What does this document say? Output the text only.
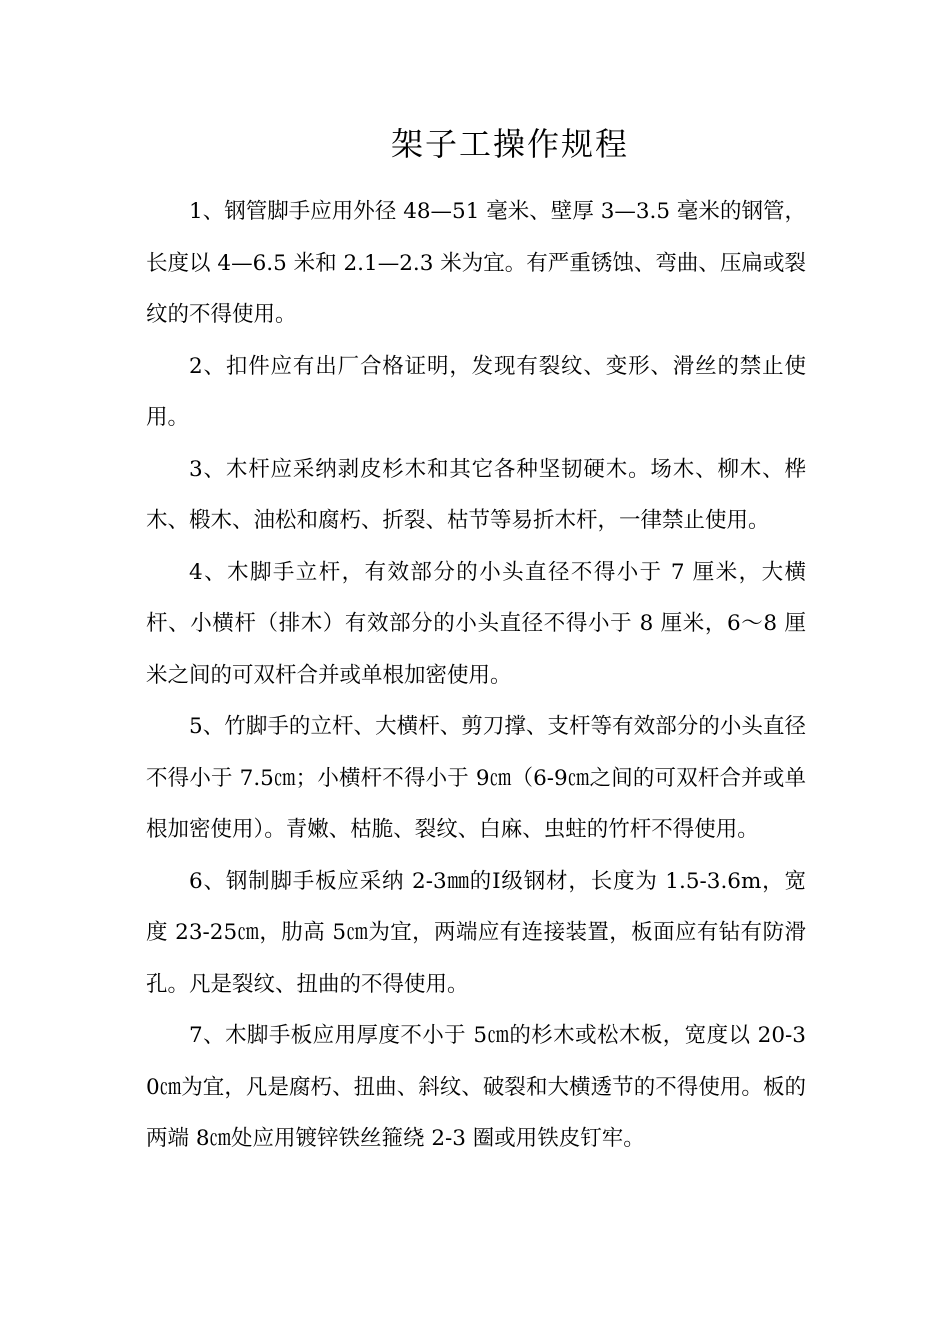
架子工操作规程

1、钢管脚手应用外径 48—51 毫米、壁厚 3—3.5 毫米的钢管，长度以 4—6.5 米和 2.1—2.3 米为宜。有严重锈蚀、弯曲、压扁或裂纹的不得使用。

2、扣件应有出厂合格证明，发现有裂纹、变形、滑丝的禁止使用。

3、木杆应采纳剥皮杉木和其它各种坚韧硬木。场木、柳木、桦木、椴木、油松和腐朽、折裂、枯节等易折木杆，一律禁止使用。

4、木脚手立杆，有效部分的小头直径不得小于 7 厘米，大横杆、小横杆（排木）有效部分的小头直径不得小于 8 厘米，6～8 厘米之间的可双杆合并或单根加密使用。

5、竹脚手的立杆、大横杆、剪刀撑、支杆等有效部分的小头直径不得小于 7.5㎝；小横杆不得小于 9㎝（6-9㎝之间的可双杆合并或单根加密使用）。青嫩、枯脆、裂纹、白麻、虫蛀的竹杆不得使用。

6、钢制脚手板应采纳 2-3㎜的Ⅰ级钢材，长度为 1.5-3.6m，宽度 23-25㎝，肋高 5㎝为宜，两端应有连接装置，板面应有钻有防滑孔。凡是裂纹、扭曲的不得使用。

7、木脚手板应用厚度不小于 5㎝的杉木或松木板，宽度以 20-30㎝为宜，凡是腐朽、扭曲、斜纹、破裂和大横透节的不得使用。板的两端 8㎝处应用镀锌铁丝箍绕 2-3 圈或用铁皮钉牢。
